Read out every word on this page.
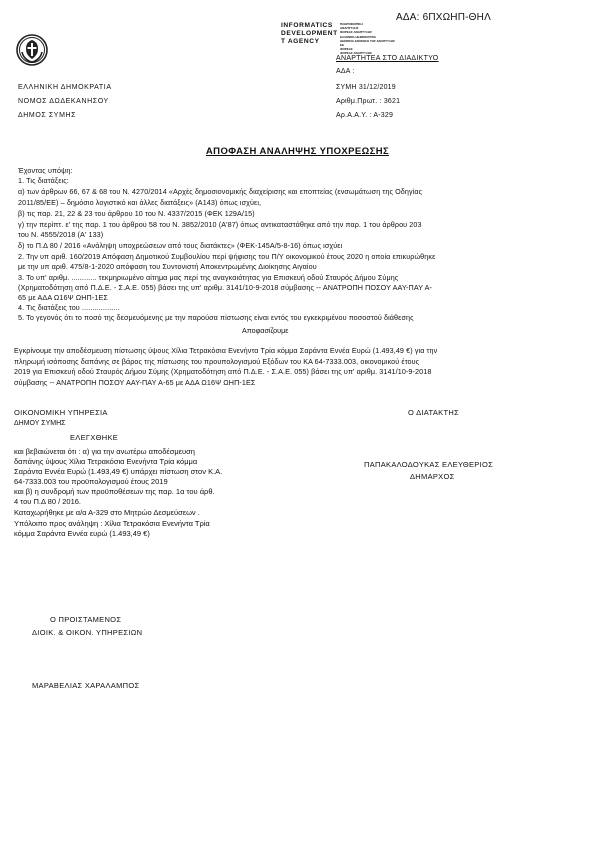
ΑΔΑ: 6ΠΧΩΗΠ-ΘΗΛ
INFORMATICS
DEVELOPMENT
T AGENCY
ΠΛΗΡΟΦΟΡΙΚΗ
ΑΝΑΠΤΥΞΗΣ
ΦΟΡΕΑΣ ΑΝΑΠΤΥΞΗΣ
ΕΛΛΗΝΙΚΗ ΔΗΜΟΚΡΑΤΙΑ
ΔΗΜΟΣΙΑ ΔΙΟΙΚΗΣΗ ΤΗΣ ΑΝΑΠΤΥΞΗΣ
ΕΕ
ΦΟΡΕΑΣ
ΦΟΡΕΑΣ ΑΝΑΠΤΥΞΗΣ
ΑΝΑΡΤΗΤΕΑ ΣΤΟ ΔΙΑΔΙΚΤΥΟ
ΑΔΑ :
ΣΥΜΗ 31/12/2019
Αριθμ.Πρωτ. : 3621
Αρ.Α.Α.Υ. : Α-329
ΕΛΛΗΝΙΚΗ ΔΗΜΟΚΡΑΤΙΑ
ΝΟΜΟΣ ΔΩΔΕΚΑΝΗΣΟΥ
ΔΗΜΟΣ ΣΥΜΗΣ
ΑΠΟΦΑΣΗ ΑΝΑΛΗΨΗΣ ΥΠΟΧΡΕΩΣΗΣ
Έχοντας υπόψη:
1. Τις διατάξεις:
α) των άρθρων 66, 67 & 68 του Ν. 4270/2014 «Αρχές δημοσιονομικής διαχείρισης και εποπτείας (ενσωμάτωση της Οδηγίας
2011/85/ΕΕ) – δημόσιο λογιστικό και άλλες διατάξεις» (Α143) όπως ισχύει,
β) τις παρ. 21, 22 & 23 του άρθρου 10 του Ν. 4337/2015 (ΦΕΚ 129Α/15)
γ) την περίπτ. ε' της παρ. 1 του άρθρου 58 του Ν. 3852/2010 (Α'87) όπως αντικαταστάθηκε από την παρ. 1 του άρθρου 203
του Ν. 4555/2018 (Α' 133)
δ) το Π.Δ 80 / 2016 «Ανάληψη υποχρεώσεων από τους διατάκτες» (ΦΕΚ-145Α/5-8-16) όπως ισχύει
2. Την υπ αριθ. 160/2019 Απόφαση Δημοτικού Συμβουλίου περί ψήφισης του Π/Υ οικονομικού έτους 2020 η οποία επικυρώθηκε
με την υπ αριθ. 475/8-1-2020 απόφαση του Συντονιστή Αποκεντρωμένης Διοίκησης Αιγαίου
3. Το υπ' αριθμ. ............ τεκμηριωμένο αίτημα μας περί της αναγκαιότητας για Επισκευή οδού Σταυρός Δήμου Σύμης
(Χρηματοδότηση από Π.Δ.Ε. - Σ.Α.Ε. 055) βάσει της υπ' αριθμ. 3141/10-9-2018 σύμβασης -- ΑΝΑΤΡΟΠΗ ΠΟΣΟΥ ΑΑΥ-ΠΑΥ Α-
65 με ΑΔΑ Ω16Ψ ΩΗΠ-1ΕΣ
4. Τις διατάξεις του ..................
5. Το γεγονός ότι το ποσό της δεσμευόμενης με την παρούσα πίστωσης είναι εντός του εγκεκριμένου ποσοστού διάθεσης
Αποφασίζουμε
Εγκρίνουμε την αποδέσμευση πίστωσης ύψους Χίλια Τετρακόσια Ενενήντα Τρία κόμμα Σαράντα Εννέα Ευρώ (1.493,49 €) για την
πληρωμή ισόποσης δαπάνης σε βάρος της πίστωσης του προυπολογισμού Εξόδων του ΚΑ 64-7333.003, οικονομικού έτους
2019 για Επισκευή οδού Σταυρός Δήμου Σύμης (Χρηματοδότηση από Π.Δ.Ε. - Σ.Α.Ε. 055) βάσει της υπ' αριθμ. 3141/10-9-2018
σύμβασης -- ΑΝΑΤΡΟΠΗ ΠΟΣΟΥ ΑΑΥ-ΠΑΥ Α-65 με ΑΔΑ Ω16Ψ ΩΗΠ-1ΕΣ
ΟΙΚΟΝΟΜΙΚΗ ΥΠΗΡΕΣΙΑ
ΔΗΜΟΥ ΣΥΜΗΣ
ΕΛΕΓΧΘΗΚΕ
και βεβαιώνεται ότι : α) για την ανωτέρω αποδέσμευση
δαπάνης ύψους Χίλια Τετρακόσια Ενενήντα Τρία κόμμα
Σαράντα Εννέα Ευρώ (1.493,49 €) υπάρχει πίστωση στον Κ.Α.
64-7333.003 του προϋπολογισμού έτους 2019
και β) η συνδρομή των προϋποθέσεων της παρ. 1α του άρθ.
4 του Π.Δ 80 / 2016.
Καταχωρήθηκε με α/α Α-329 στο Μητρώο Δεσμεύσεων .
Υπόλοιπο προς ανάληψη : Χίλια Τετρακόσια Ενενήντα Τρία
κόμμα Σαράντα Εννέα ευρώ (1.493,49 €)
Ο ΠΡΟΙΣΤΑΜΕΝΟΣ
ΔΙΟΙΚ. & ΟΙΚΟΝ. ΥΠΗΡΕΣΙΩΝ
ΜΑΡΑΒΕΛΙΑΣ ΧΑΡΑΛΑΜΠΟΣ
Ο ΔΙΑΤΑΚΤΗΣ
ΠΑΠΑΚΑΛΟΔΟΥΚΑΣ ΕΛΕΥΘΕΡΙΟΣ
ΔΗΜΑΡΧΟΣ
